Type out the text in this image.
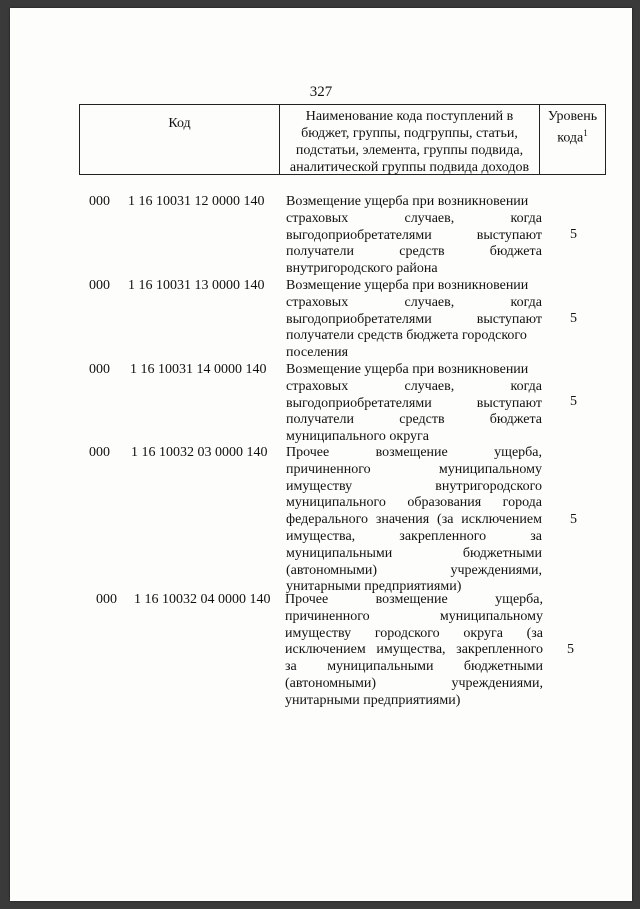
327
Код	Наименование кода поступлений в
бюджет, группы, подгруппы, статьи,
подстатьи, элемента, группы подвида,
аналитической группы подвида доходов
Уровень
кода$^1$
000 1 16 10031 12 0000 140 Возмещение ущерба при возникновении
страховых случаев, когда
выгодоприобретателями выступают
получатели средств бюджета
внутригородского района
5
000 1 16 10031 13 0000 140 Возмещение ущерба при возникновении
страховых случаев, когда
выгодоприобретателями выступают
получатели средств бюджета городского
поселения
5
000 1 16 10031 14 0000 140 Возмещение ущерба при возникновении
страховых случаев, когда
выгодоприобретателями выступают
получатели средств бюджета
муниципального округа
5
000 1 16 10032 03 0000 140 Прочее возмещение ущерба,
причиненного муниципальному
имуществу внутригородского
муниципального образования города
федерального значения (за исключением
имущества, закрепленного за
муниципальными бюджетными
(автономными) учреждениями,
унитарными предприятиями)
5
000 1 16 10032 04 0000 140 Прочее возмещение ущерба,
причиненного муниципальному
имуществу городского округа (за
исключением имущества, закрепленного
за муниципальными бюджетными
(автономными) учреждениями,
унитарными предприятиями)
5
